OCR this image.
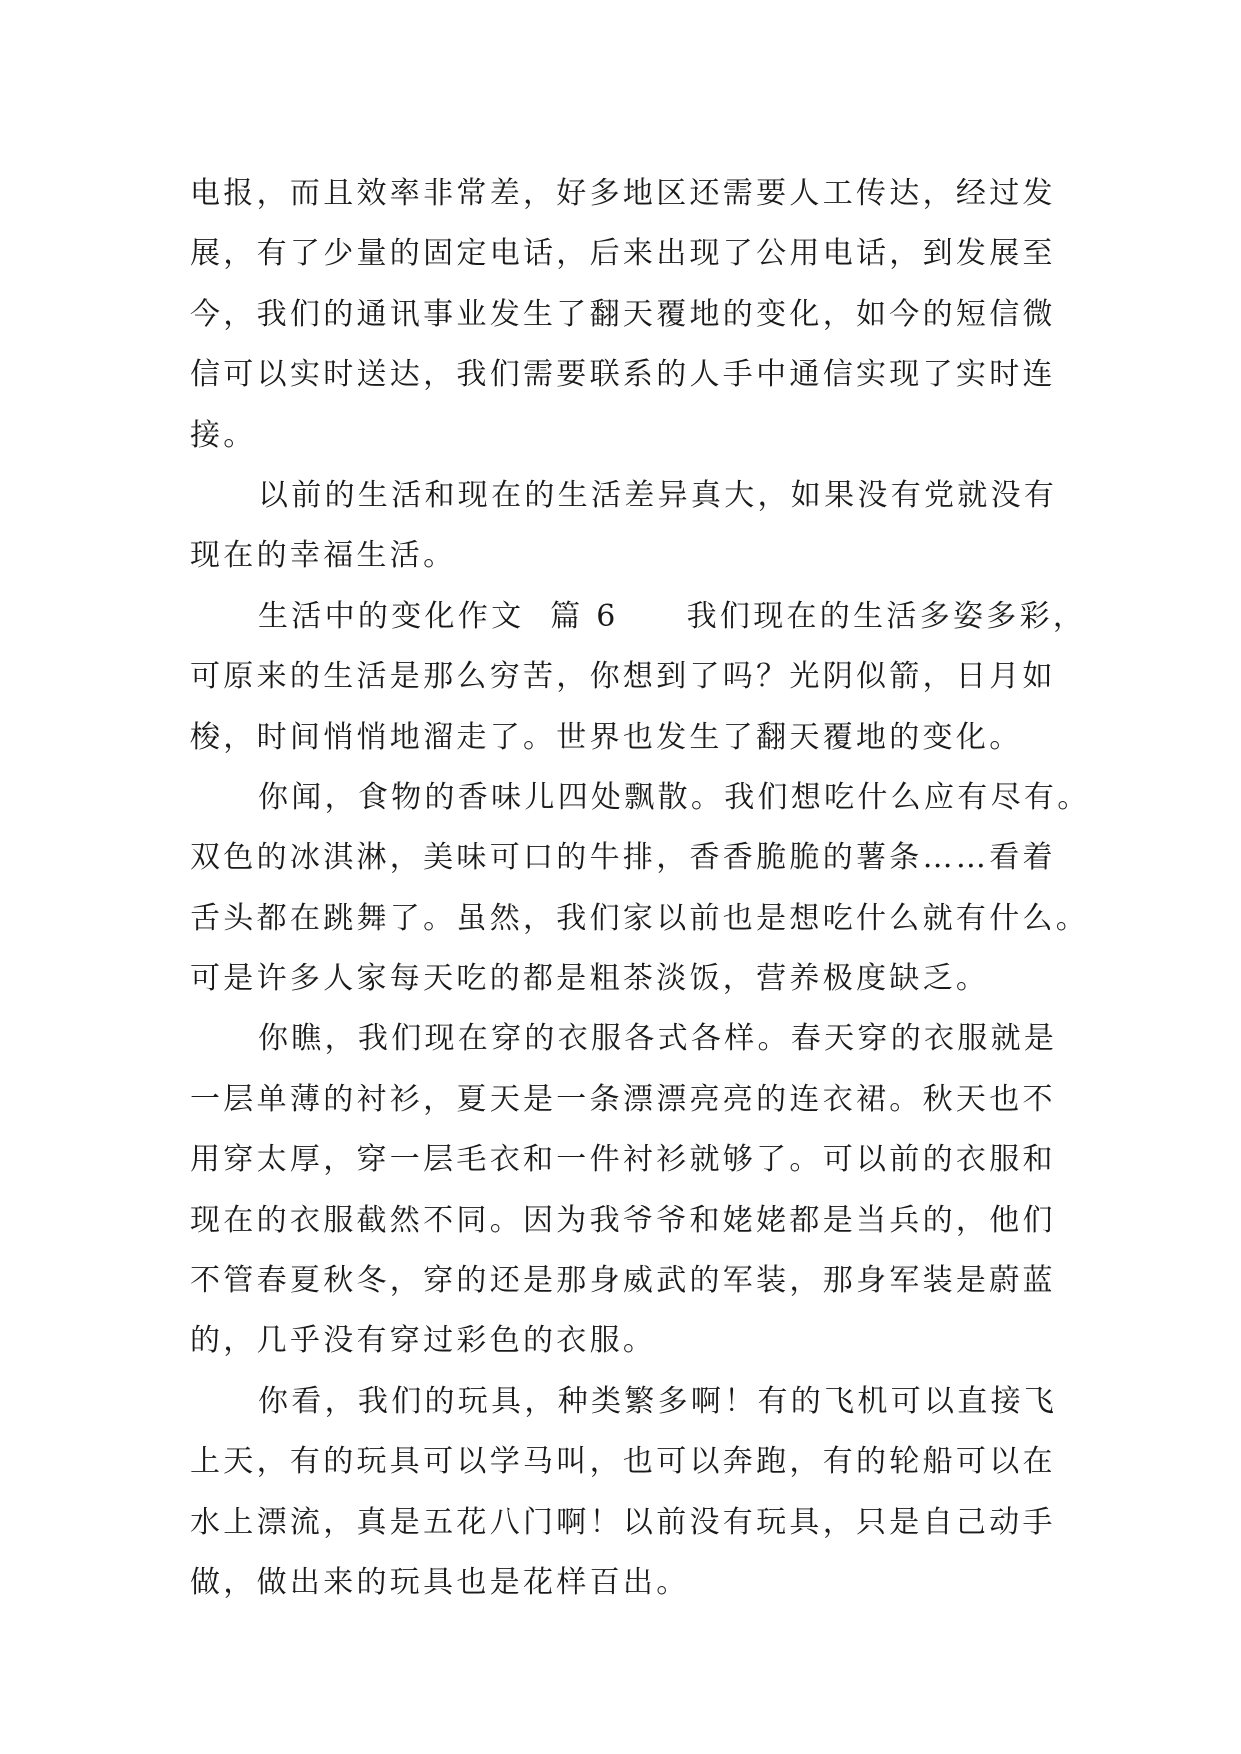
电报，而且效率非常差，好多地区还需要人工传达，经过发
展，有了少量的固定电话，后来出现了公用电话，到发展至
今，我们的通讯事业发生了翻天覆地的变化，如今的短信微
信可以实时送达，我们需要联系的人手中通信实现了实时连
接。
以前的生活和现在的生活差异真大，如果没有党就没有
现在的幸福生活。
生活中的变化作文  篇 6 我们现在的生活多姿多彩，
可原来的生活是那么穷苦，你想到了吗？光阴似箭，日月如
梭，时间悄悄地溜走了。世界也发生了翻天覆地的变化。
你闻，食物的香味儿四处飘散。我们想吃什么应有尽有。
双色的冰淇淋，美味可口的牛排，香香脆脆的薯条……看着
舌头都在跳舞了。虽然，我们家以前也是想吃什么就有什么。
可是许多人家每天吃的都是粗茶淡饭，营养极度缺乏。
你瞧，我们现在穿的衣服各式各样。春天穿的衣服就是
一层单薄的衬衫，夏天是一条漂漂亮亮的连衣裙。秋天也不
用穿太厚，穿一层毛衣和一件衬衫就够了。可以前的衣服和
现在的衣服截然不同。因为我爷爷和姥姥都是当兵的，他们
不管春夏秋冬，穿的还是那身威武的军装，那身军装是蔚蓝
的，几乎没有穿过彩色的衣服。
你看，我们的玩具，种类繁多啊！有的飞机可以直接飞
上天，有的玩具可以学马叫，也可以奔跑，有的轮船可以在
水上漂流，真是五花八门啊！以前没有玩具，只是自己动手
做，做出来的玩具也是花样百出。
